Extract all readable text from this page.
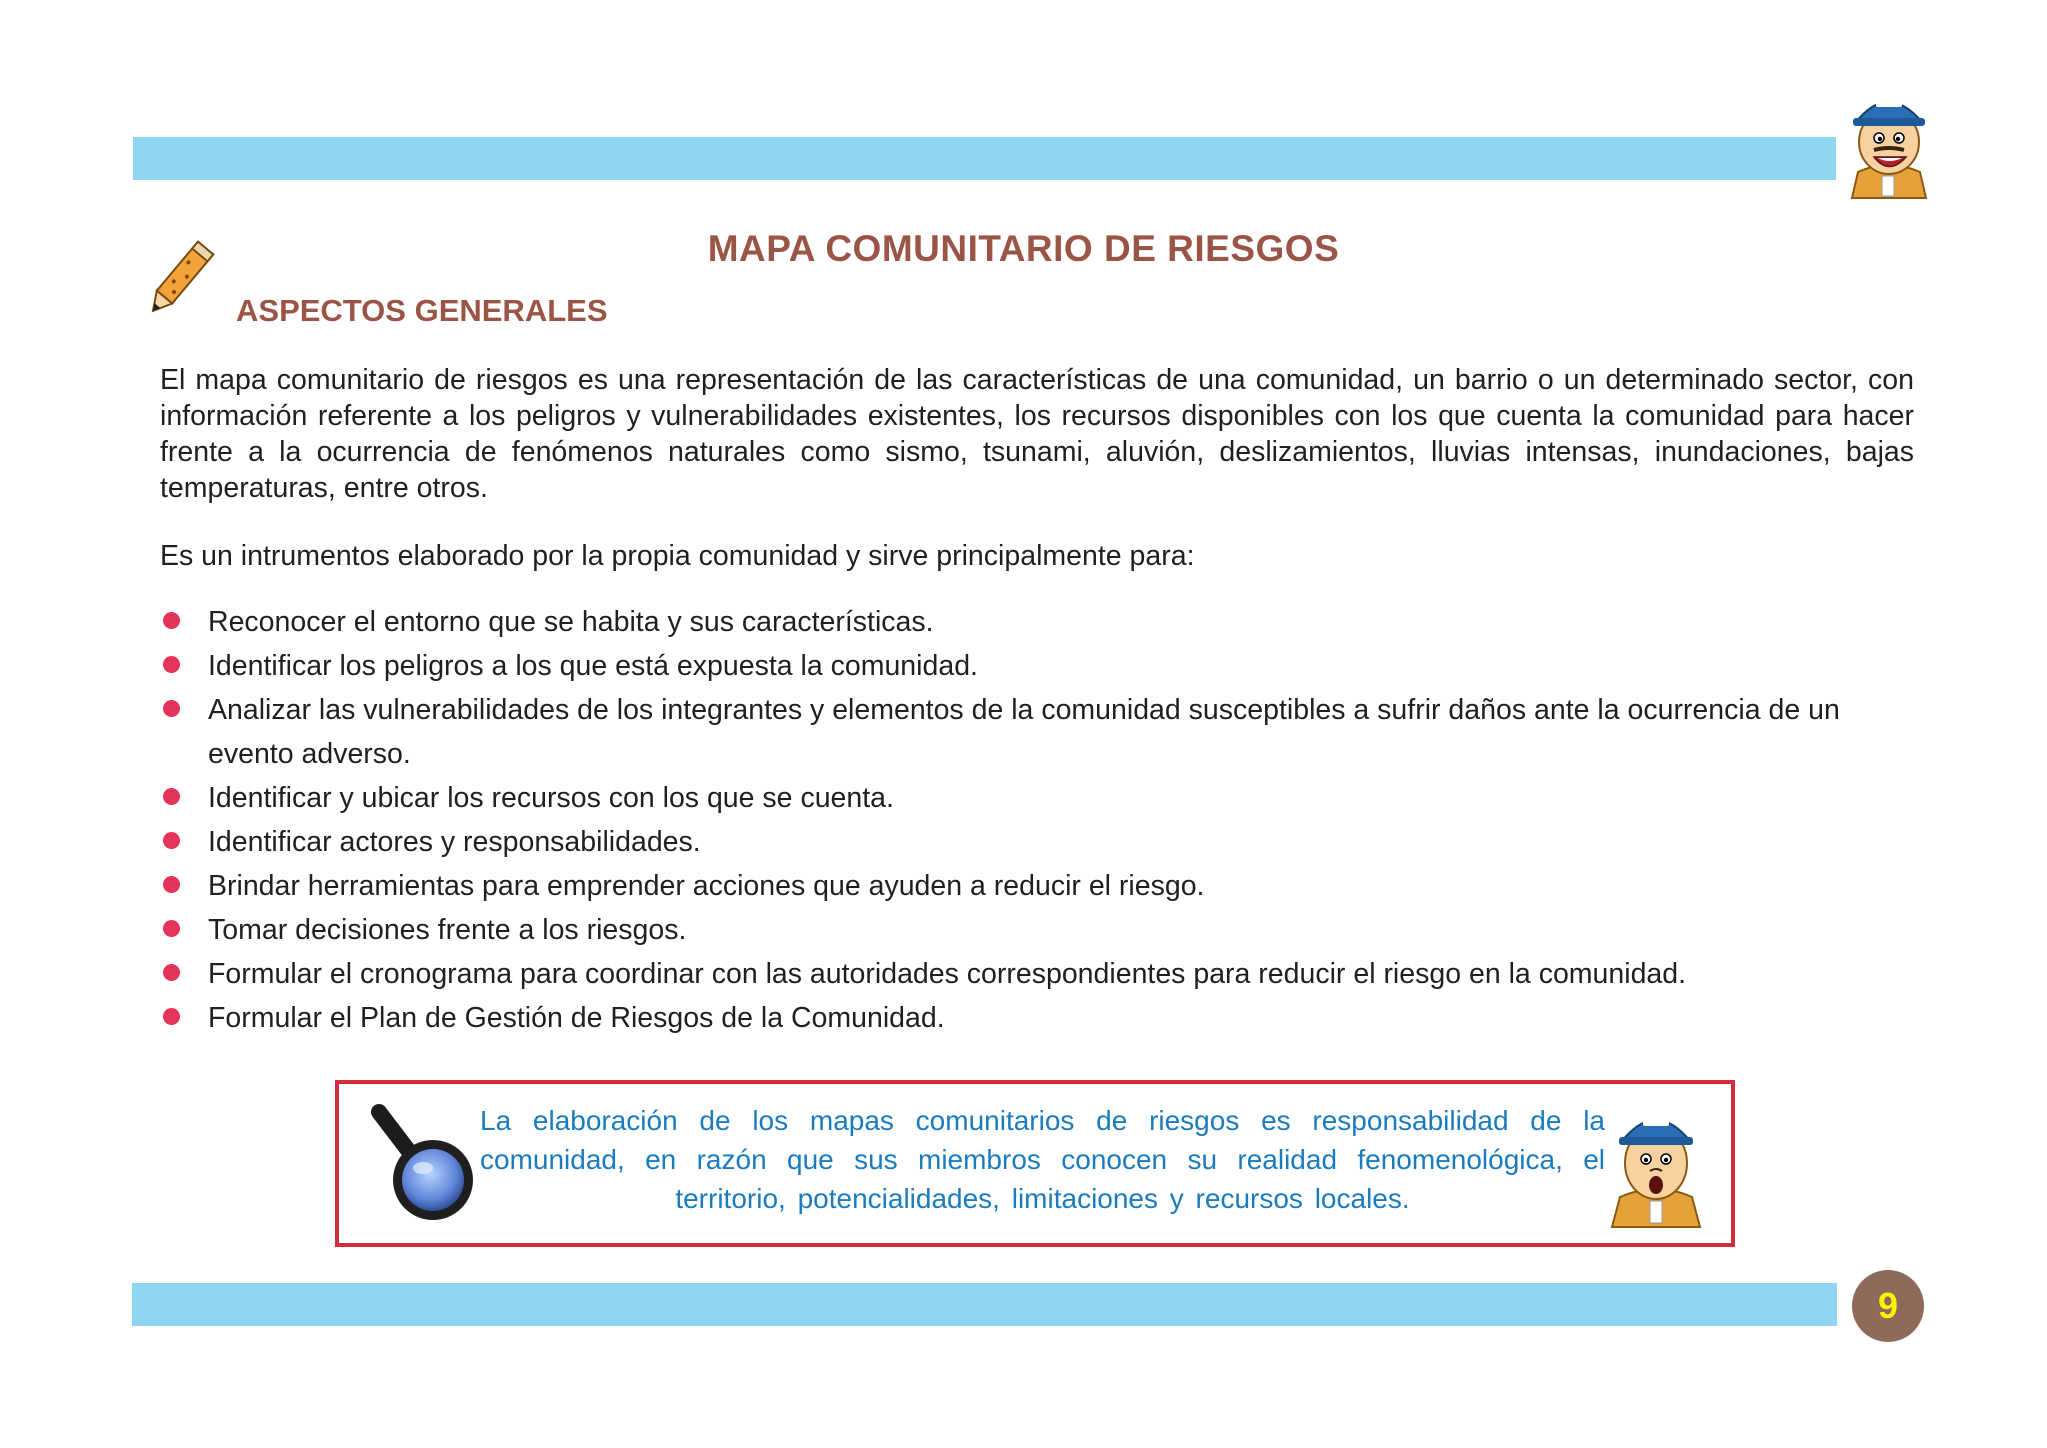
MAPA COMUNITARIO DE RIESGOS
ASPECTOS GENERALES
El mapa comunitario de riesgos es una representación de las características de una comunidad, un barrio o un determinado sector, con información referente a los peligros y vulnerabilidades existentes, los recursos disponibles con los que cuenta la comunidad para hacer frente a la ocurrencia de fenómenos naturales como sismo, tsunami, aluvión, deslizamientos, lluvias intensas, inundaciones, bajas temperaturas, entre otros.
Es un intrumentos elaborado por la propia comunidad y sirve principalmente para:
Reconocer el entorno que se habita y sus características.
Identificar los peligros a los que está expuesta la comunidad.
Analizar las vulnerabilidades de los integrantes y elementos de la comunidad susceptibles a sufrir daños ante la ocurrencia de un evento adverso.
Identificar y ubicar los recursos con los que se cuenta.
Identificar actores y responsabilidades.
Brindar herramientas para emprender acciones que ayuden a reducir el riesgo.
Tomar decisiones frente a los riesgos.
Formular el cronograma para coordinar con las autoridades correspondientes para reducir el riesgo en la comunidad.
Formular el Plan de Gestión de Riesgos de la Comunidad.
La elaboración de los mapas comunitarios de riesgos es responsabilidad de la comunidad, en razón que sus miembros conocen su realidad fenomenológica, el territorio, potencialidades, limitaciones y recursos locales.
9
